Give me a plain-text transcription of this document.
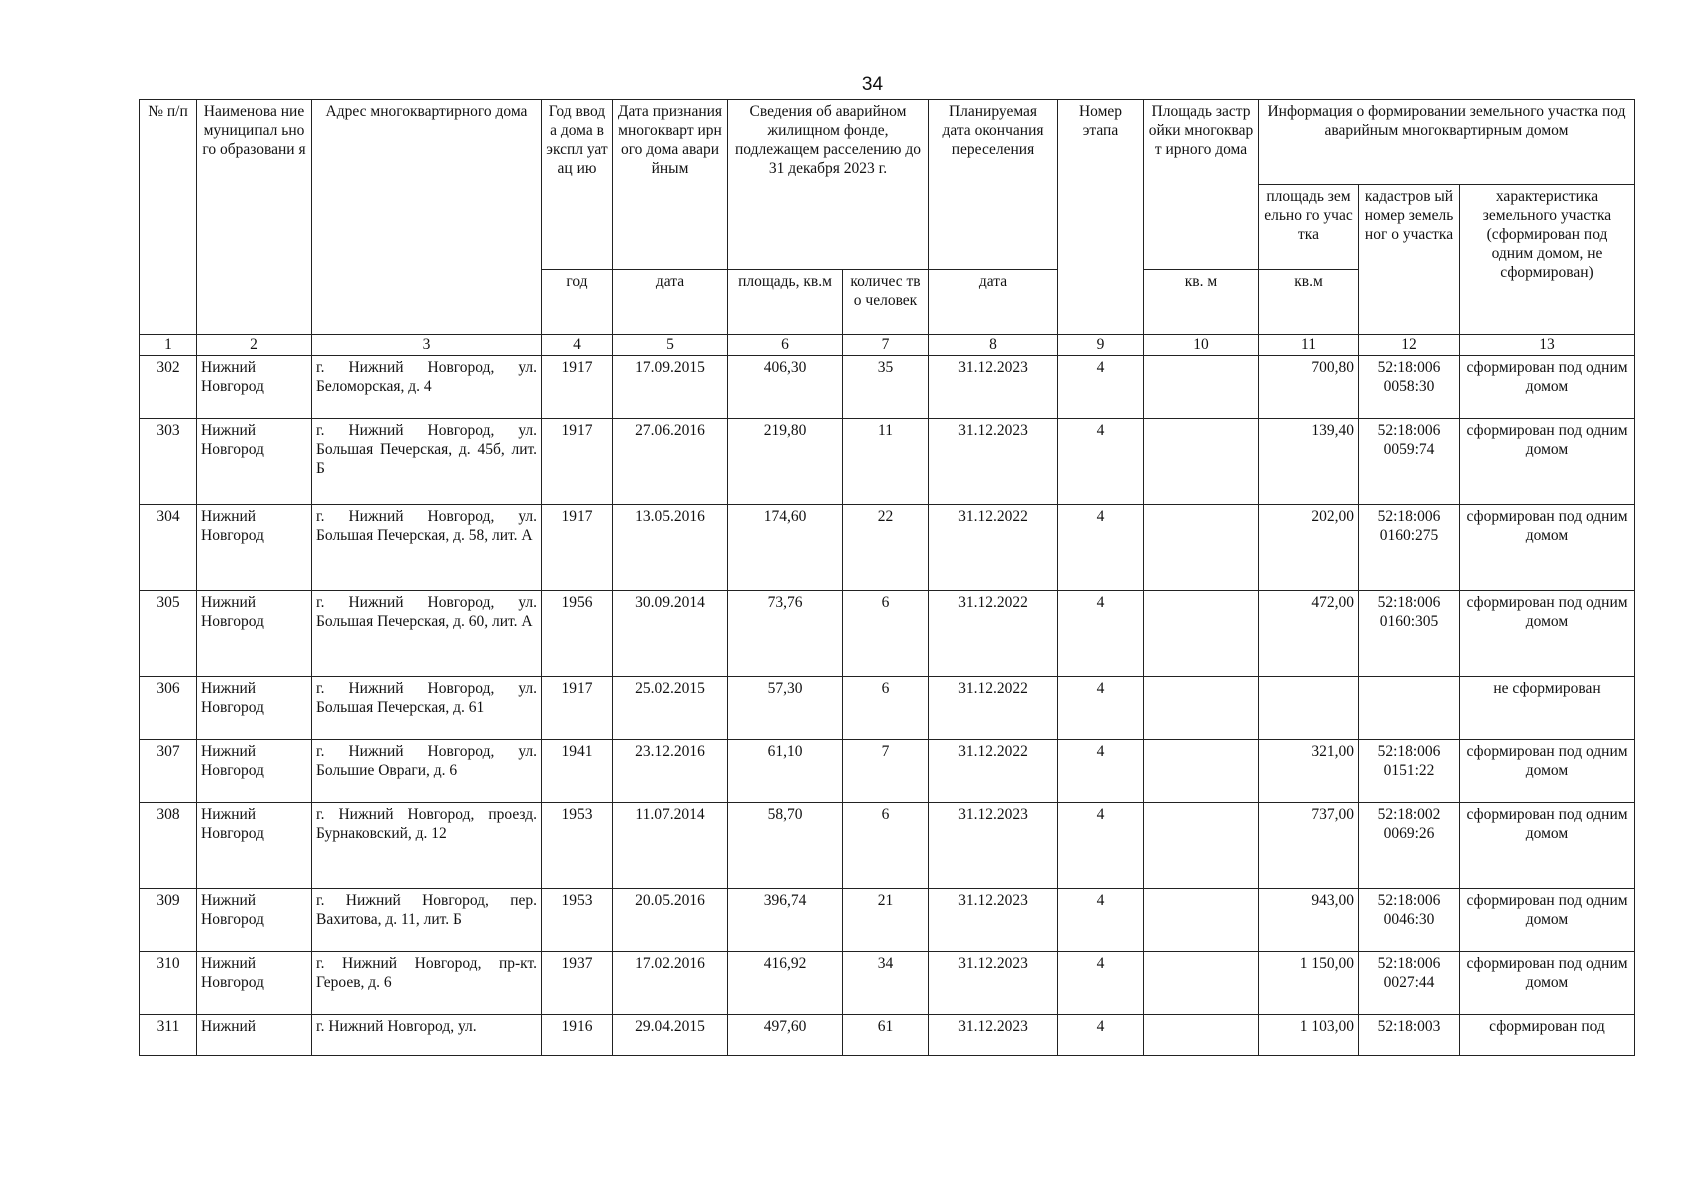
34
№ п/п	Наименова ние муниципал ьного образовани я	Адрес многоквартирного дома	Год ввода дома в экспл уатац ию	Дата признания многокварт ирного дома аварийным	Сведения об аварийном жилищном фонде, подлежащем расселению до 31 декабря 2023 г.		Планируемая дата окончания переселения	Номер этапа	Площадь застройки многокварт ирного дома	Информация о формировании земельного участка под аварийным многоквартирным домом		
										площадь земельно го участка	кадастров ый номер земельног о участка	характеристика земельного участка (сформирован под одним домом, не сформирован)
			год	дата	площадь, кв.м	количес тво человек	дата		кв. м	кв.м		
1	2	3	4	5	6	7	8	9	10	11	12	13
302	Нижний Новгород	г. Нижний Новгород, ул. Беломорская, д. 4	1917	17.09.2015	406,30	35	31.12.2023	4		700,80	52:18:006 0058:30	сформирован под одним домом
303	Нижний Новгород	г. Нижний Новгород, ул. Большая Печерская, д. 45б, лит. Б	1917	27.06.2016	219,80	11	31.12.2023	4		139,40	52:18:006 0059:74	сформирован под одним домом
304	Нижний Новгород	г. Нижний Новгород, ул. Большая Печерская, д. 58, лит. А	1917	13.05.2016	174,60	22	31.12.2022	4		202,00	52:18:006 0160:275	сформирован под одним домом
305	Нижний Новгород	г. Нижний Новгород, ул. Большая Печерская, д. 60, лит. А	1956	30.09.2014	73,76	6	31.12.2022	4		472,00	52:18:006 0160:305	сформирован под одним домом
306	Нижний Новгород	г. Нижний Новгород, ул. Большая Печерская, д. 61	1917	25.02.2015	57,30	6	31.12.2022	4				не сформирован
307	Нижний Новгород	г. Нижний Новгород, ул. Большие Овраги, д. 6	1941	23.12.2016	61,10	7	31.12.2022	4		321,00	52:18:006 0151:22	сформирован под одним домом
308	Нижний Новгород	г. Нижний Новгород, проезд. Бурнаковский, д. 12	1953	11.07.2014	58,70	6	31.12.2023	4		737,00	52:18:002 0069:26	сформирован под одним домом
309	Нижний Новгород	г. Нижний Новгород, пер. Вахитова, д. 11, лит. Б	1953	20.05.2016	396,74	21	31.12.2023	4		943,00	52:18:006 0046:30	сформирован под одним домом
310	Нижний Новгород	г. Нижний Новгород, пр-кт. Героев, д. 6	1937	17.02.2016	416,92	34	31.12.2023	4		1 150,00	52:18:006 0027:44	сформирован под одним домом
311	Нижний	г. Нижний Новгород, ул.	1916	29.04.2015	497,60	61	31.12.2023	4		1 103,00	52:18:003	сформирован под
